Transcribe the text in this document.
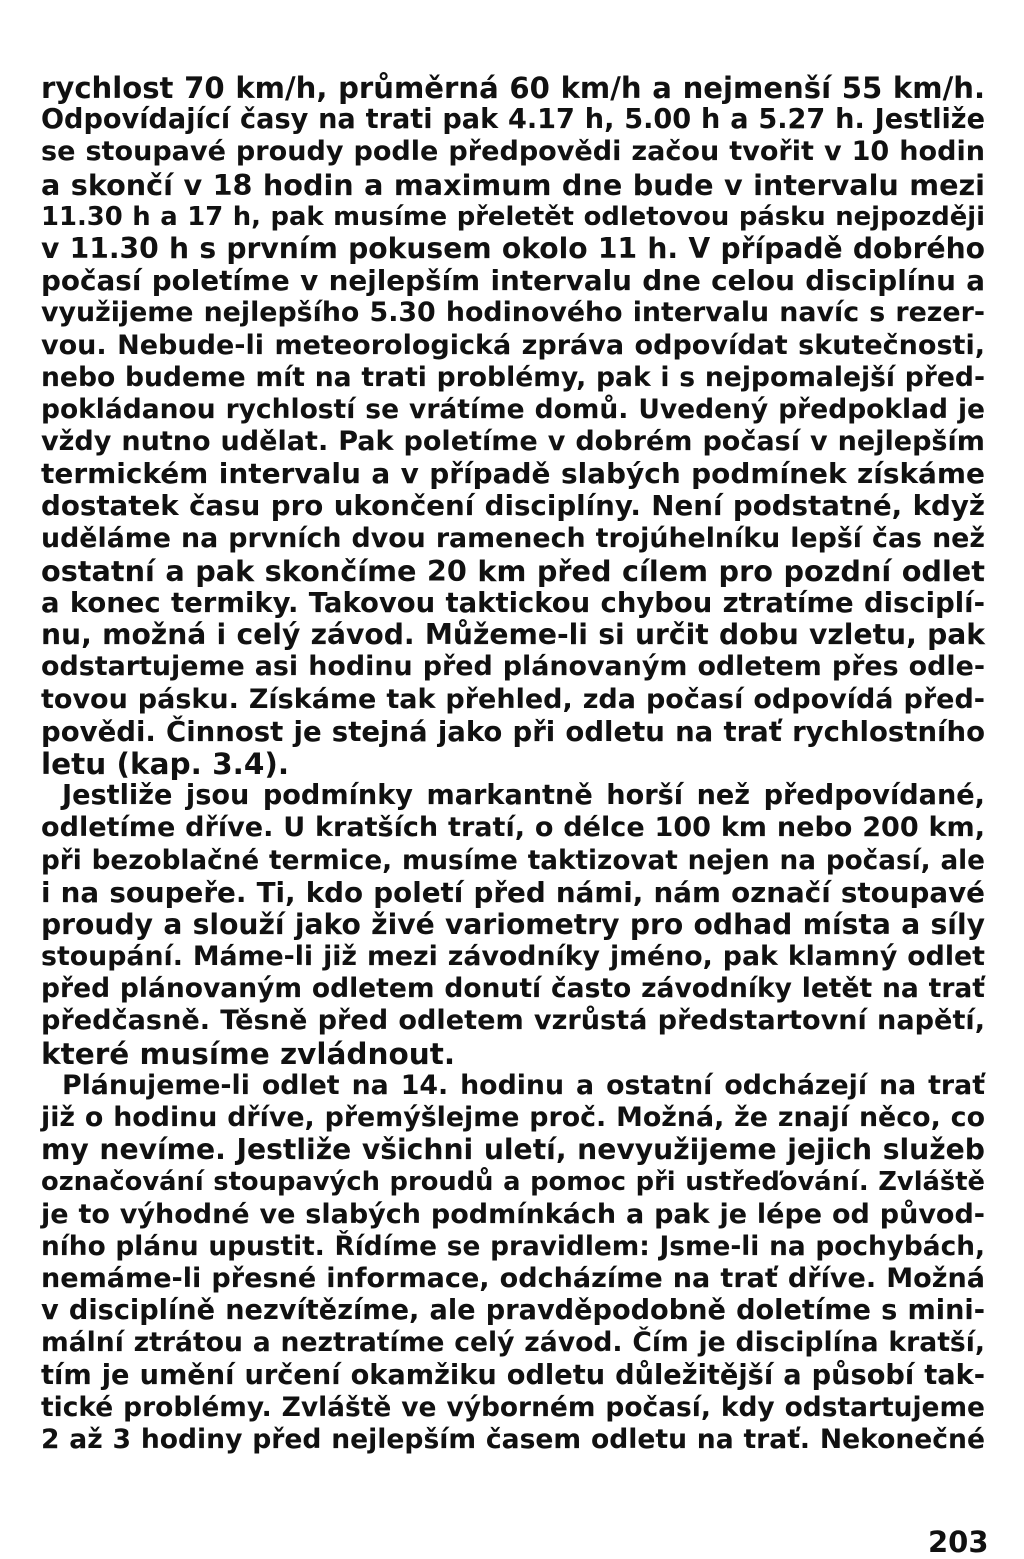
rychlost 70 km/h, průměrná 60 km/h a nejmenší 55 km/h.
Odpovídající časy na trati pak 4.17 h, 5.00 h a 5.27 h. Jestliže
se stoupavé proudy podle předpovědi začou tvořit v 10 hodin
a skončí v 18 hodin a maximum dne bude v intervalu mezi
11.30 h a 17 h, pak musíme přeletět odletovou pásku nejpozději
v 11.30 h s prvním pokusem okolo 11 h. V případě dobrého
počasí poletíme v nejlepším intervalu dne celou disciplínu a
využijeme nejlepšího 5.30 hodinového intervalu navíc s rezer-
vou. Nebude-li meteorologická zpráva odpovídat skutečnosti,
nebo budeme mít na trati problémy, pak i s nejpomalejší před-
pokládanou rychlostí se vrátíme domů. Uvedený předpoklad je
vždy nutno udělat. Pak poletíme v dobrém počasí v nejlepším
termickém intervalu a v případě slabých podmínek získáme
dostatek času pro ukončení disciplíny. Není podstatné, když
uděláme na prvních dvou ramenech trojúhelníku lepší čas než
ostatní a pak skončíme 20 km před cílem pro pozdní odlet
a konec termiky. Takovou taktickou chybou ztratíme disciplí-
nu, možná i celý závod. Můžeme-li si určit dobu vzletu, pak
odstartujeme asi hodinu před plánovaným odletem přes odle-
tovou pásku. Získáme tak přehled, zda počasí odpovídá před-
povědi. Činnost je stejná jako při odletu na trať rychlostního
letu (kap. 3.4).
Jestliže jsou podmínky markantně horší než předpovídané,
odletíme dříve. U kratších tratí, o délce 100 km nebo 200 km,
při bezoblačné termice, musíme taktizovat nejen na počasí, ale
i na soupeře. Ti, kdo poletí před námi, nám označí stoupavé
proudy a slouží jako živé variometry pro odhad místa a síly
stoupání. Máme-li již mezi závodníky jméno, pak klamný odlet
před plánovaným odletem donutí často závodníky letět na trať
předčasně. Těsně před odletem vzrůstá předstartovní napětí,
které musíme zvládnout.
Plánujeme-li odlet na 14. hodinu a ostatní odcházejí na trať
již o hodinu dříve, přemýšlejme proč. Možná, že znají něco, co
my nevíme. Jestliže všichni uletí, nevyužijeme jejich služeb
označování stoupavých proudů a pomoc při ustřeďování. Zvláště
je to výhodné ve slabých podmínkách a pak je lépe od původ-
ního plánu upustit. Řídíme se pravidlem: Jsme-li na pochybách,
nemáme-li přesné informace, odcházíme na trať dříve. Možná
v disciplíně nezvítězíme, ale pravděpodobně doletíme s mini-
mální ztrátou a neztratíme celý závod. Čím je disciplína kratší,
tím je umění určení okamžiku odletu důležitější a působí tak-
tické problémy. Zvláště ve výborném počasí, kdy odstartujeme
2 až 3 hodiny před nejlepším časem odletu na trať. Nekonečné
203
